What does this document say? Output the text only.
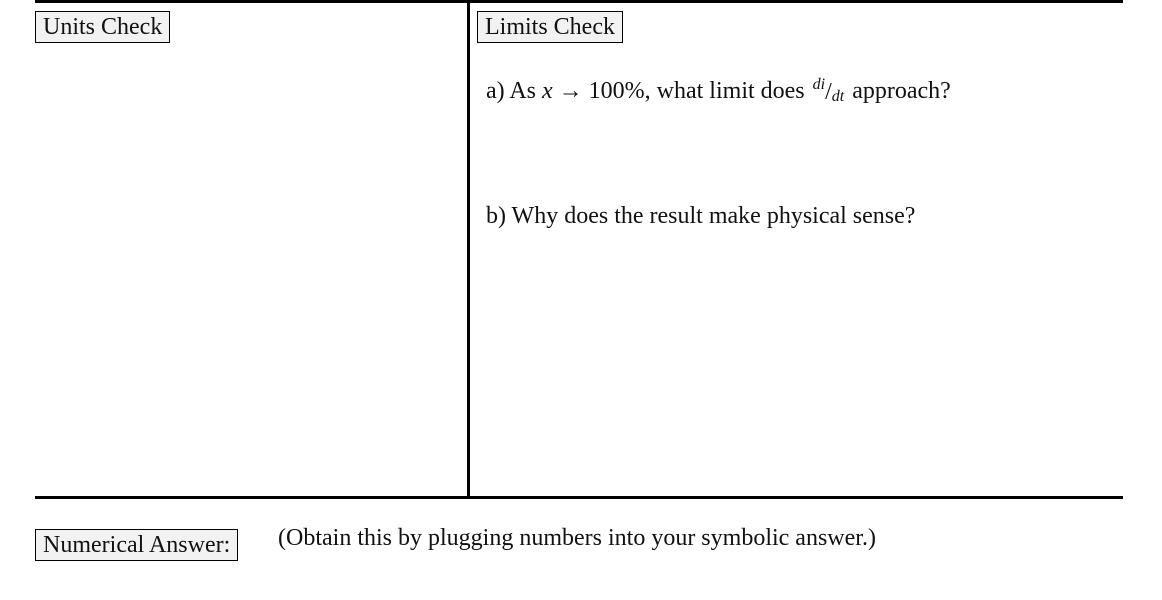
Units Check	Limits Check
a) As x → 100%, what limit does di/dt approach?
b) Why does the result make physical sense?
Numerical Answer:	(Obtain this by plugging numbers into your symbolic answer.)
